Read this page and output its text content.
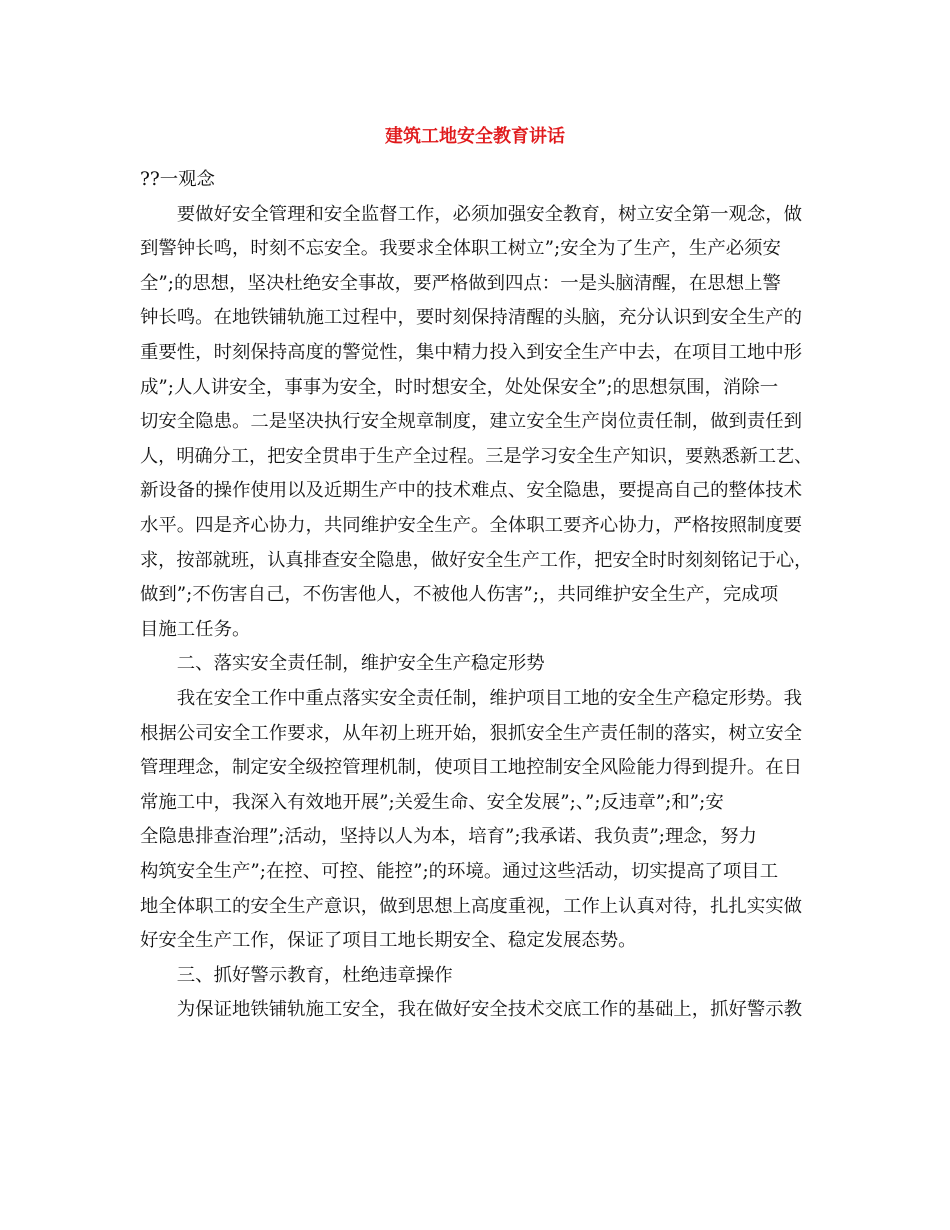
建筑工地安全教育讲话

??一观念

　　要做好安全管理和安全监督工作，必须加强安全教育，树立安全第一观念，做

到警钟长鸣，时刻不忘安全。我要求全体职工树立”;安全为了生产，生产必须安

全”;的思想，坚决杜绝安全事故，要严格做到四点：一是头脑清醒，在思想上警

钟长鸣。在地铁铺轨施工过程中，要时刻保持清醒的头脑，充分认识到安全生产的

重要性，时刻保持高度的警觉性，集中精力投入到安全生产中去，在项目工地中形

成”;人人讲安全，事事为安全，时时想安全，处处保安全”;的思想氛围，消除一

切安全隐患。二是坚决执行安全规章制度，建立安全生产岗位责任制，做到责任到

人，明确分工，把安全贯串于生产全过程。三是学习安全生产知识，要熟悉新工艺、

新设备的操作使用以及近期生产中的技术难点、安全隐患，要提高自己的整体技术

水平。四是齐心协力，共同维护安全生产。全体职工要齐心协力，严格按照制度要

求，按部就班，认真排查安全隐患，做好安全生产工作，把安全时时刻刻铭记于心，

做到”;不伤害自己，不伤害他人，不被他人伤害”;，共同维护安全生产，完成项

目施工任务。

　　二、落实安全责任制，维护安全生产稳定形势

　　我在安全工作中重点落实安全责任制，维护项目工地的安全生产稳定形势。我

根据公司安全工作要求，从年初上班开始，狠抓安全生产责任制的落实，树立安全

管理理念，制定安全级控管理机制，使项目工地控制安全风险能力得到提升。在日

常施工中，我深入有效地开展”;关爱生命、安全发展”;、”;反违章”;和”;安

全隐患排查治理”;活动，坚持以人为本，培育”;我承诺、我负责”;理念，努力

构筑安全生产”;在控、可控、能控”;的环境。通过这些活动，切实提高了项目工

地全体职工的安全生产意识，做到思想上高度重视，工作上认真对待，扎扎实实做

好安全生产工作，保证了项目工地长期安全、稳定发展态势。

　　三、抓好警示教育，杜绝违章操作

　　为保证地铁铺轨施工安全，我在做好安全技术交底工作的基础上，抓好警示教
